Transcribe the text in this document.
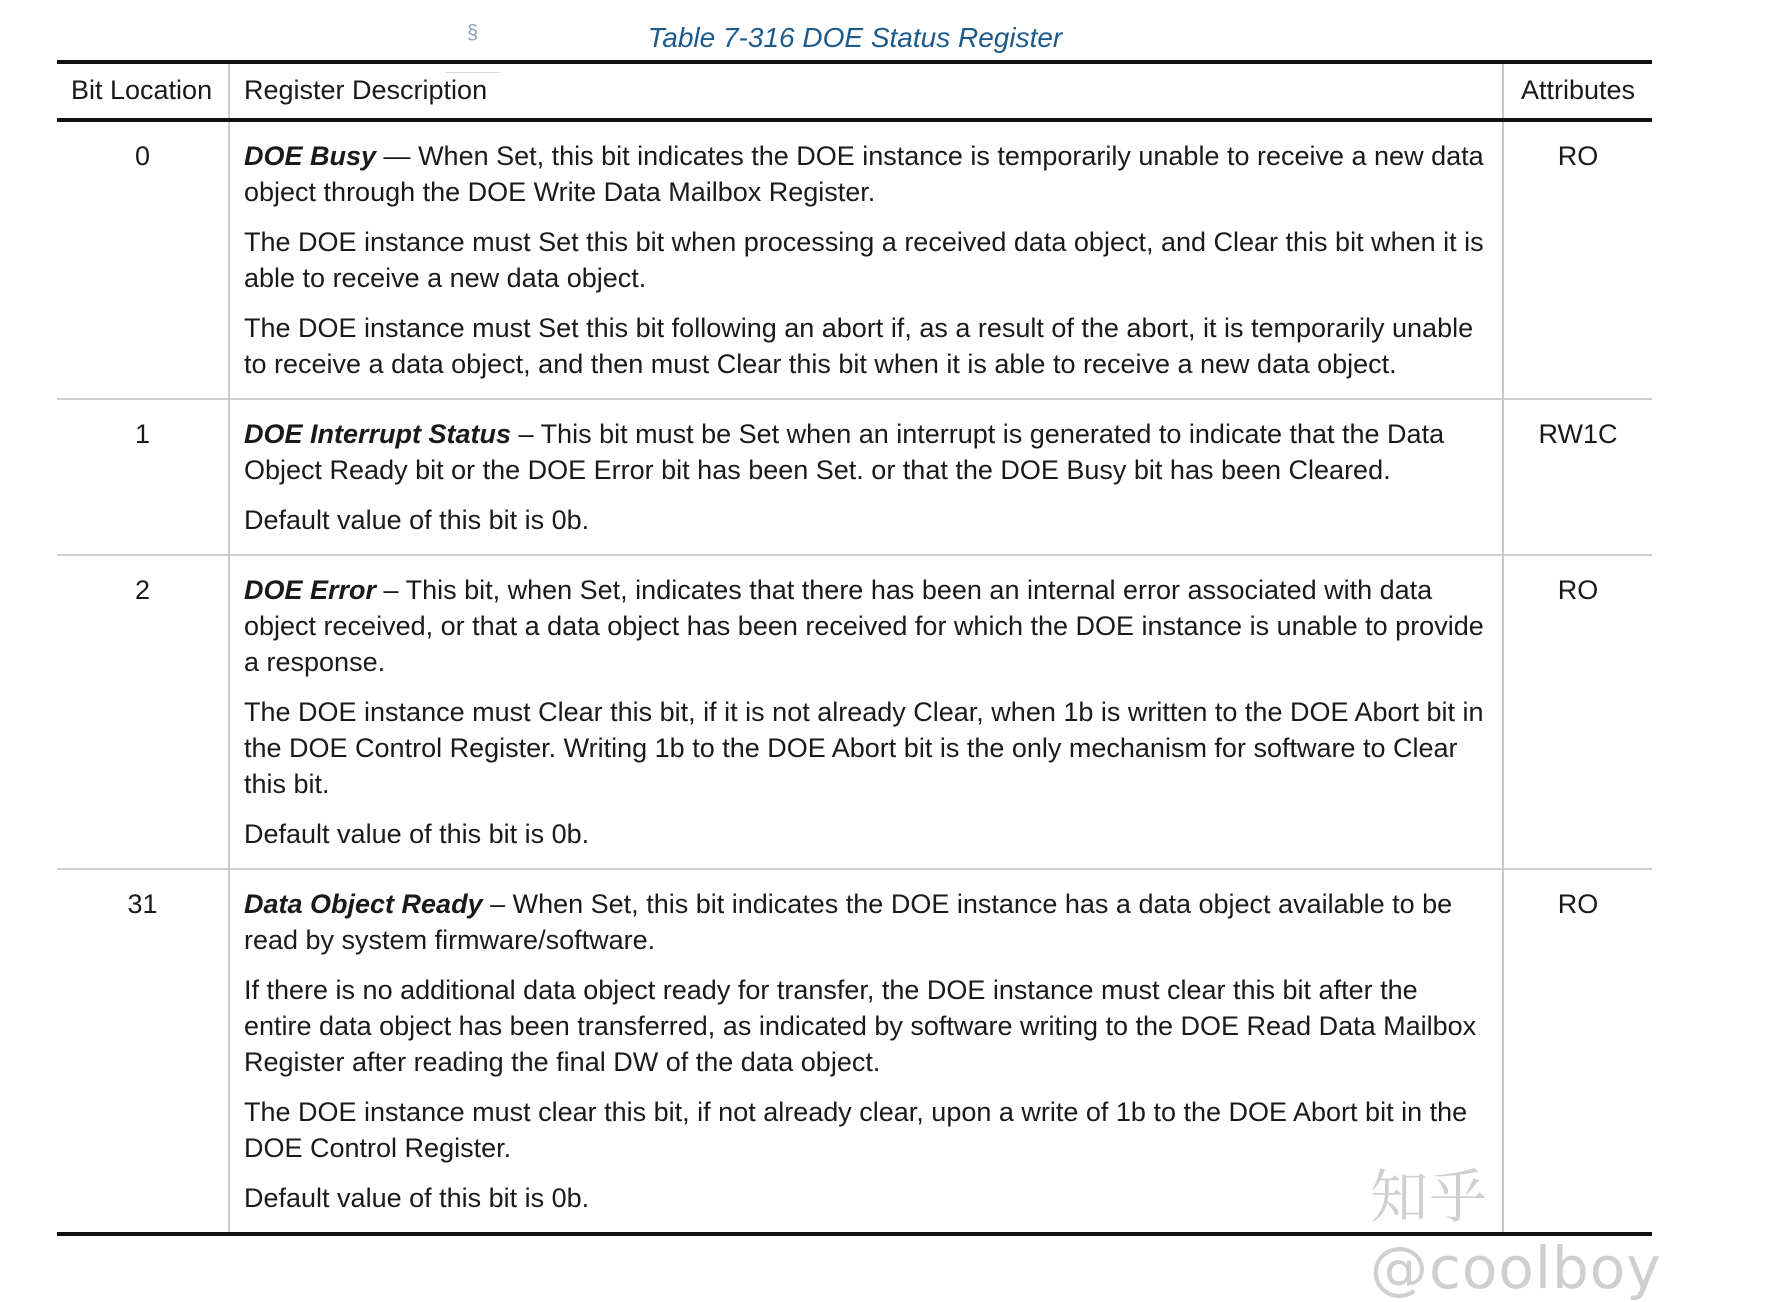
§	Table 7-316 DOE Status Register
Bit Location	Register Description	Attributes
0	DOE Busy — When Set, this bit indicates the DOE instance is temporarily unable to receive a new data object through the DOE Write Data Mailbox Register.

The DOE instance must Set this bit when processing a received data object, and Clear this bit when it is able to receive a new data object.

The DOE instance must Set this bit following an abort if, as a result of the abort, it is temporarily unable to receive a data object, and then must Clear this bit when it is able to receive a new data object.	RO
1	DOE Interrupt Status – This bit must be Set when an interrupt is generated to indicate that the Data Object Ready bit or the DOE Error bit has been Set. or that the DOE Busy bit has been Cleared.

Default value of this bit is 0b.	RW1C
2	DOE Error – This bit, when Set, indicates that there has been an internal error associated with data object received, or that a data object has been received for which the DOE instance is unable to provide a response.

The DOE instance must Clear this bit, if it is not already Clear, when 1b is written to the DOE Abort bit in the DOE Control Register. Writing 1b to the DOE Abort bit is the only mechanism for software to Clear this bit.

Default value of this bit is 0b.	RO
31	Data Object Ready – When Set, this bit indicates the DOE instance has a data object available to be read by system firmware/software.

If there is no additional data object ready for transfer, the DOE instance must clear this bit after the entire data object has been transferred, as indicated by software writing to the DOE Read Data Mailbox Register after reading the final DW of the data object.

The DOE instance must clear this bit, if not already clear, upon a write of 1b to the DOE Abort bit in the DOE Control Register.

Default value of this bit is 0b.	RO
知乎 @coolboy
